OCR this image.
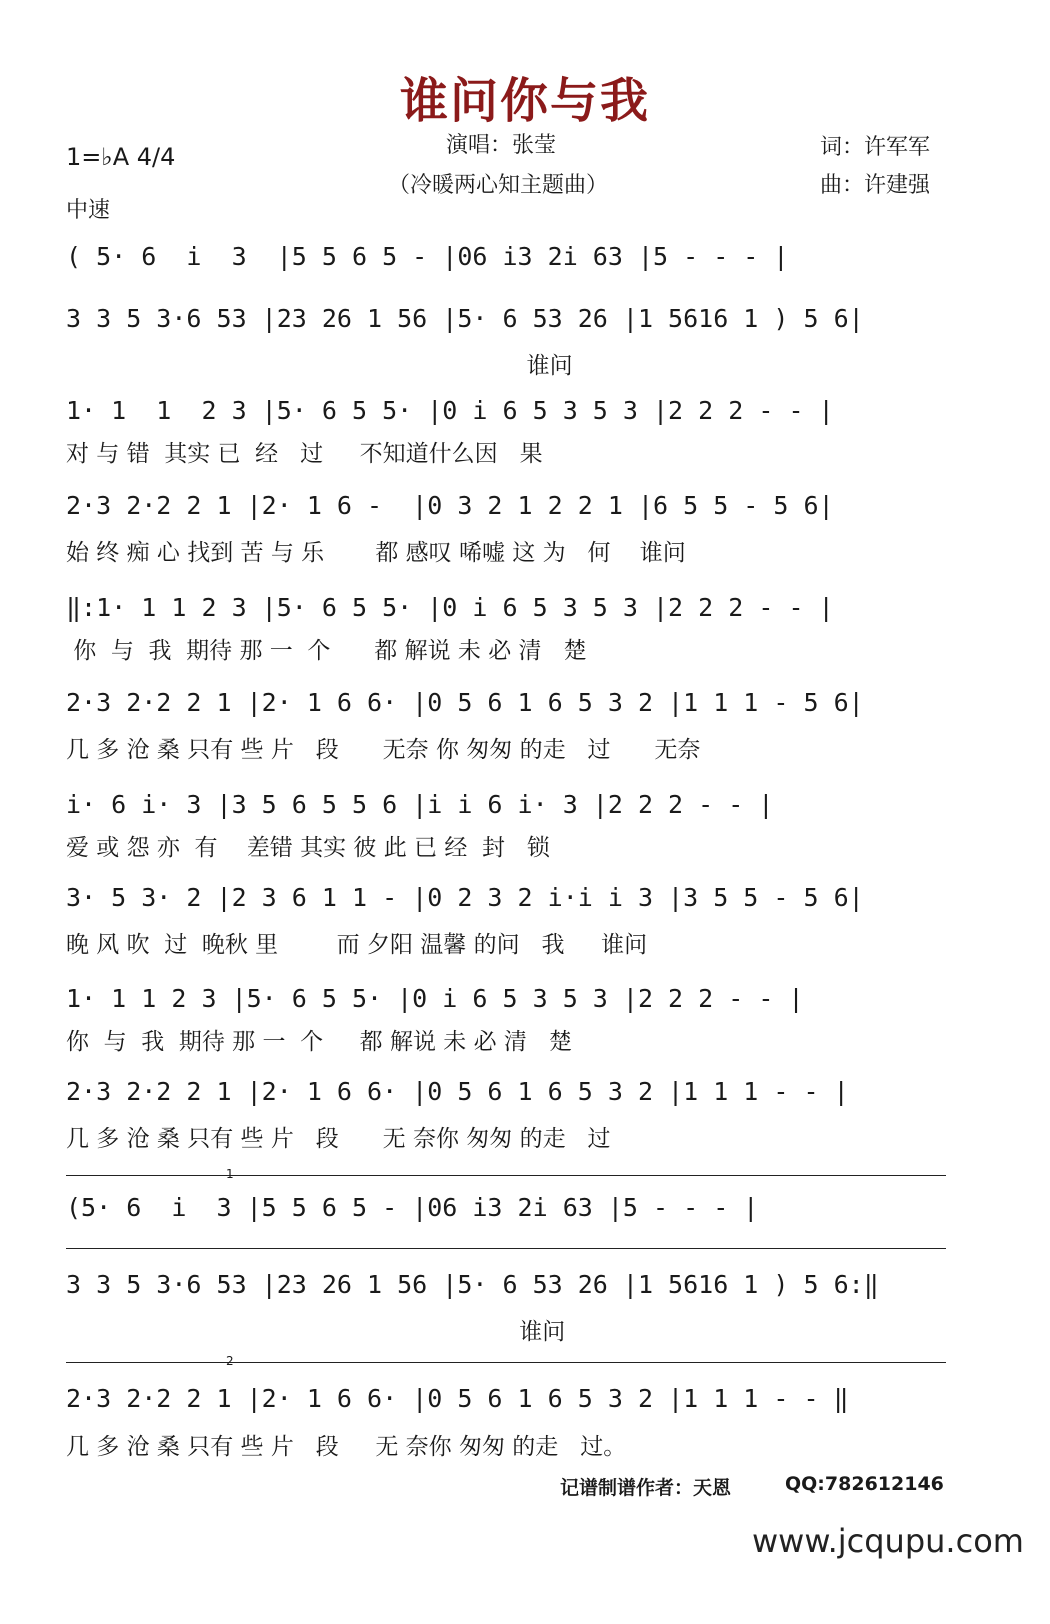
谁问你与我
演唱：张莹
（冷暖两心知主题曲）
词：许军军
曲：许建强
1=♭A 4/4
中速
( 5· 6  i  3  |5 5 6 5 - |06 i3 2i 63 |5 - - - |
3 3 5 3·6 53 |23 26 1 56 |5· 6 53 26 |1 5616 1 ) 5 6|
谁问
1· 1  1  2 3 |5· 6 5 5· |0 i 6 5 3 5 3 |2 2 2 - - |
对 与 错  其实 已  经   过     不知道什么因   果
2·3 2·2 2 1 |2· 1 6 -  |0 3 2 1 2 2 1 |6 5 5 - 5 6|
始 终 痴 心 找到 苦 与 乐       都 感叹 唏嘘 这 为   何    谁问
‖:1· 1 1 2 3 |5· 6 5 5· |0 i 6 5 3 5 3 |2 2 2 - - |
你  与  我  期待 那 一  个      都 解说 未 必 清   楚
2·3 2·2 2 1 |2· 1 6 6· |0 5 6 1 6 5 3 2 |1 1 1 - 5 6|
几 多 沧 桑 只有 些 片   段      无奈 你 匆匆 的走   过      无奈
i· 6 i· 3 |3 5 6 5 5 6 |i i 6 i· 3 |2 2 2 - - |
爱 或 怨 亦  有    差错 其实 彼 此 已 经  封   锁
3· 5 3· 2 |2 3 6 1 1 - |0 2 3 2 i·i i 3 |3 5 5 - 5 6|
晚 风 吹  过  晚秋 里        而 夕阳 温馨 的问   我     谁问
1· 1 1 2 3 |5· 6 5 5· |0 i 6 5 3 5 3 |2 2 2 - - |
你  与  我  期待 那 一  个     都 解说 未 必 清   楚
2·3 2·2 2 1 |2· 1 6 6· |0 5 6 1 6 5 3 2 |1 1 1 - - |
几 多 沧 桑 只有 些 片   段      无 奈你 匆匆 的走   过
1
(5· 6  i  3 |5 5 6 5 - |06 i3 2i 63 |5 - - - |
3 3 5 3·6 53 |23 26 1 56 |5· 6 53 26 |1 5616 1 ) 5 6:‖
谁问
2
2·3 2·2 2 1 |2· 1 6 6· |0 5 6 1 6 5 3 2 |1 1 1 - - ‖
几 多 沧 桑 只有 些 片   段     无 奈你 匆匆 的走   过。
记谱制谱作者：天恩	QQ:782612146
www.jcqupu.com
